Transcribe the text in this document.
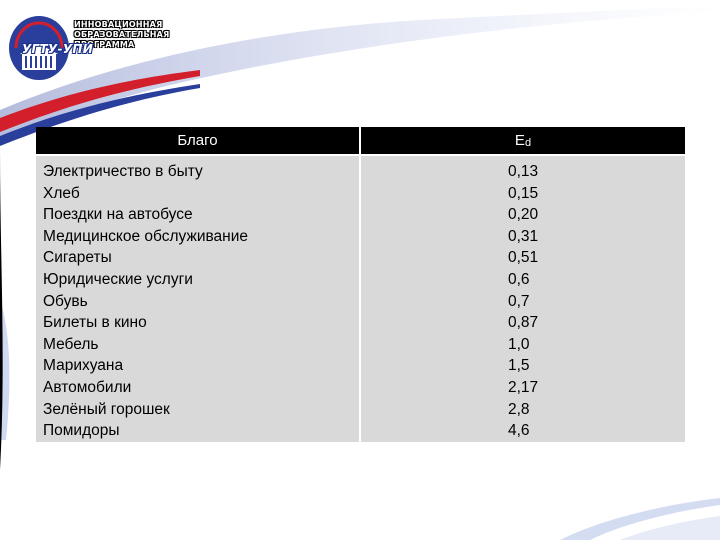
ИННОВАЦИОННАЯ
ОБРАЗОВАТЕЛЬНАЯ
ПРОГРАММА
УГТУ-УПИ
Благо	$E_d$
Электричество в быту
Хлеб
Поездки на автобусе
Медицинское обслуживание
Сигареты
Юридические услуги
Обувь
Билеты в кино
Мебель
Марихуана
Автомобили
Зелёный горошек
Помидоры
0,13
0,15
0,20
0,31
0,51
0,6
0,7
0,87
1,0
1,5
2,17
2,8
4,6
